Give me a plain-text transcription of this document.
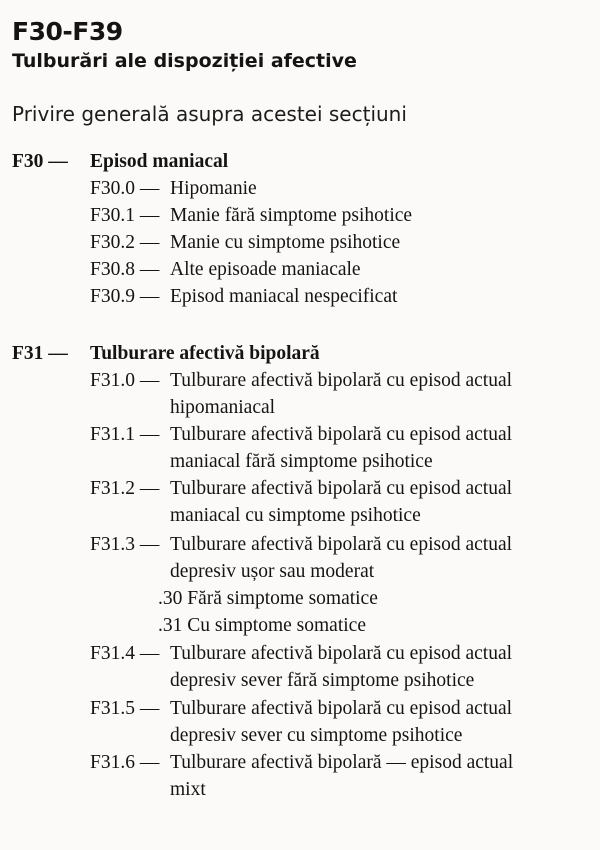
F30-F39
Tulburări ale dispoziției afective
Privire generală asupra acestei secțiuni
F30 — Episod maniacal
F30.0 — Hipomanie
F30.1 — Manie fără simptome psihotice
F30.2 — Manie cu simptome psihotice
F30.8 — Alte episoade maniacale
F30.9 — Episod maniacal nespecificat
F31 — Tulburare afectivă bipolară
F31.0 — Tulburare afectivă bipolară cu episod actual
hipomaniacal
F31.1 — Tulburare afectivă bipolară cu episod actual
maniacal fără simptome psihotice
F31.2 — Tulburare afectivă bipolară cu episod actual
maniacal cu simptome psihotice
F31.3 — Tulburare afectivă bipolară cu episod actual
depresiv ușor sau moderat
.30 Fără simptome somatice
.31 Cu simptome somatice
F31.4 — Tulburare afectivă bipolară cu episod actual
depresiv sever fără simptome psihotice
F31.5 — Tulburare afectivă bipolară cu episod actual
depresiv sever cu simptome psihotice
F31.6 — Tulburare afectivă bipolară — episod actual
mixt
